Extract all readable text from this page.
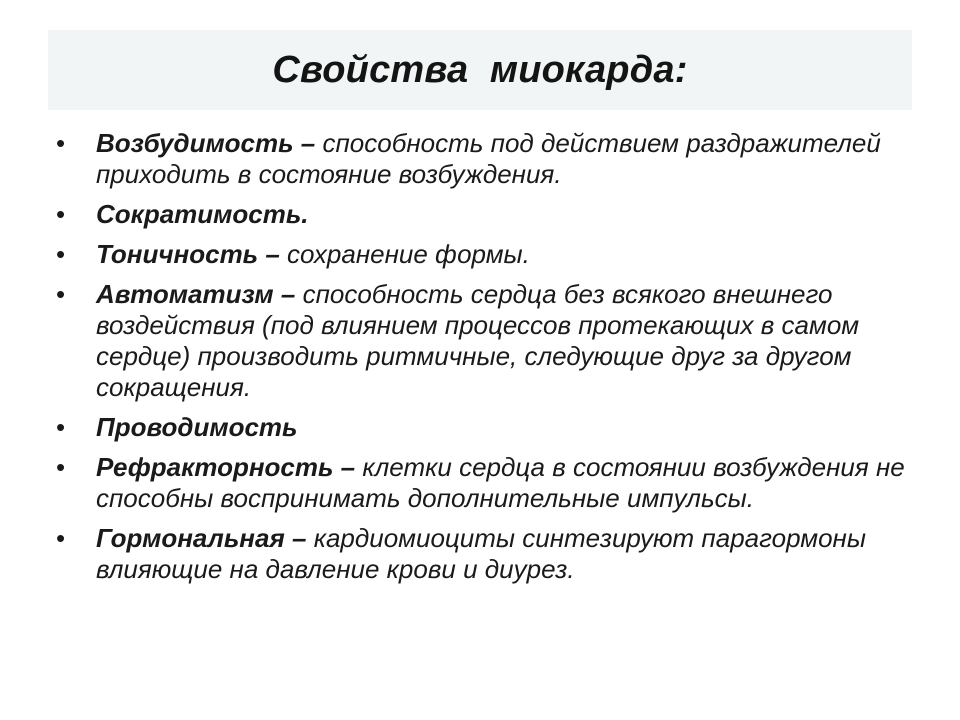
Свойства  миокарда:
• Возбудимость – способность под действием раздражителей приходить в состояние возбуждения.
• Сократимость.
• Тоничность – сохранение формы.
• Автоматизм – способность сердца без всякого внешнего воздействия (под влиянием процессов протекающих в самом сердце) производить ритмичные, следующие друг за другом сокращения.
• Проводимость
• Рефракторность – клетки сердца в состоянии возбуждения не способны воспринимать дополнительные импульсы.
• Гормональная – кардиомиоциты синтезируют парагормоны влияющие на давление крови и диурез.
